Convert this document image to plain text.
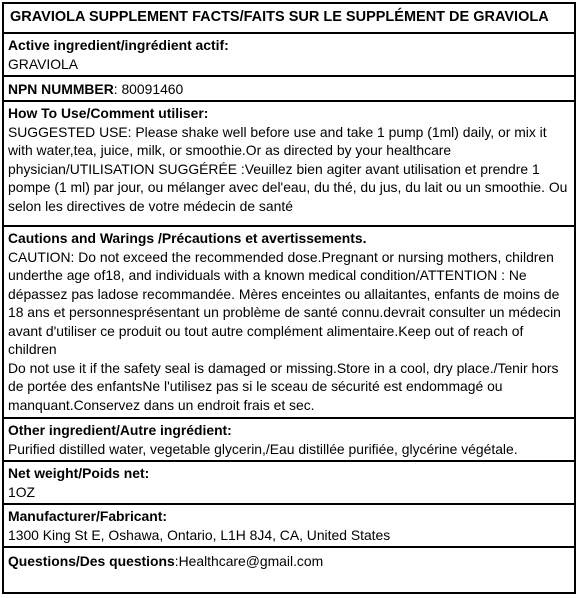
GRAVIOLA SUPPLEMENT FACTS/FAITS SUR LE SUPPLÉMENT DE GRAVIOLA
Active ingredient/ingrédient actif:
GRAVIOLA
NPN NUMMBER: 80091460
How To Use/Comment utiliser:
SUGGESTED USE: Please shake well before use and take 1 pump (1ml) daily, or mix it with water,tea, juice, milk, or smoothie.Or as directed by your healthcare physician/UTILISATION SUGGÉRÉE :Veuillez bien agiter avant utilisation et prendre 1 pompe (1 ml) par jour, ou mélanger avec del'eau, du thé, du jus, du lait ou un smoothie. Ou selon les directives de votre médecin de santé
Cautions and Warings /Précautions et avertissements.
CAUTION: Do not exceed the recommended dose.Pregnant or nursing mothers, children underthe age of18, and individuals with a known medical condition/ATTENTION : Ne dépassez pas ladose recommandée. Mères enceintes ou allaitantes, enfants de moins de 18 ans et personnesprésentant un problème de santé connu.devrait consulter un médecin avant d'utiliser ce produit ou tout autre complément alimentaire.Keep out of reach of children
Do not use it if the safety seal is damaged or missing.Store in a cool, dry place./Tenir hors de portée des enfantsNe l'utilisez pas si le sceau de sécurité est endommagé ou manquant.Conservez dans un endroit frais et sec.
Other ingredient/Autre ingrédient:
Purified distilled water, vegetable glycerin,/Eau distillée purifiée, glycérine végétale.
Net weight/Poids net:
1OZ
Manufacturer/Fabricant:
1300 King St E, Oshawa, Ontario, L1H 8J4, CA, United States
Questions/Des questions:Healthcare@gmail.com
